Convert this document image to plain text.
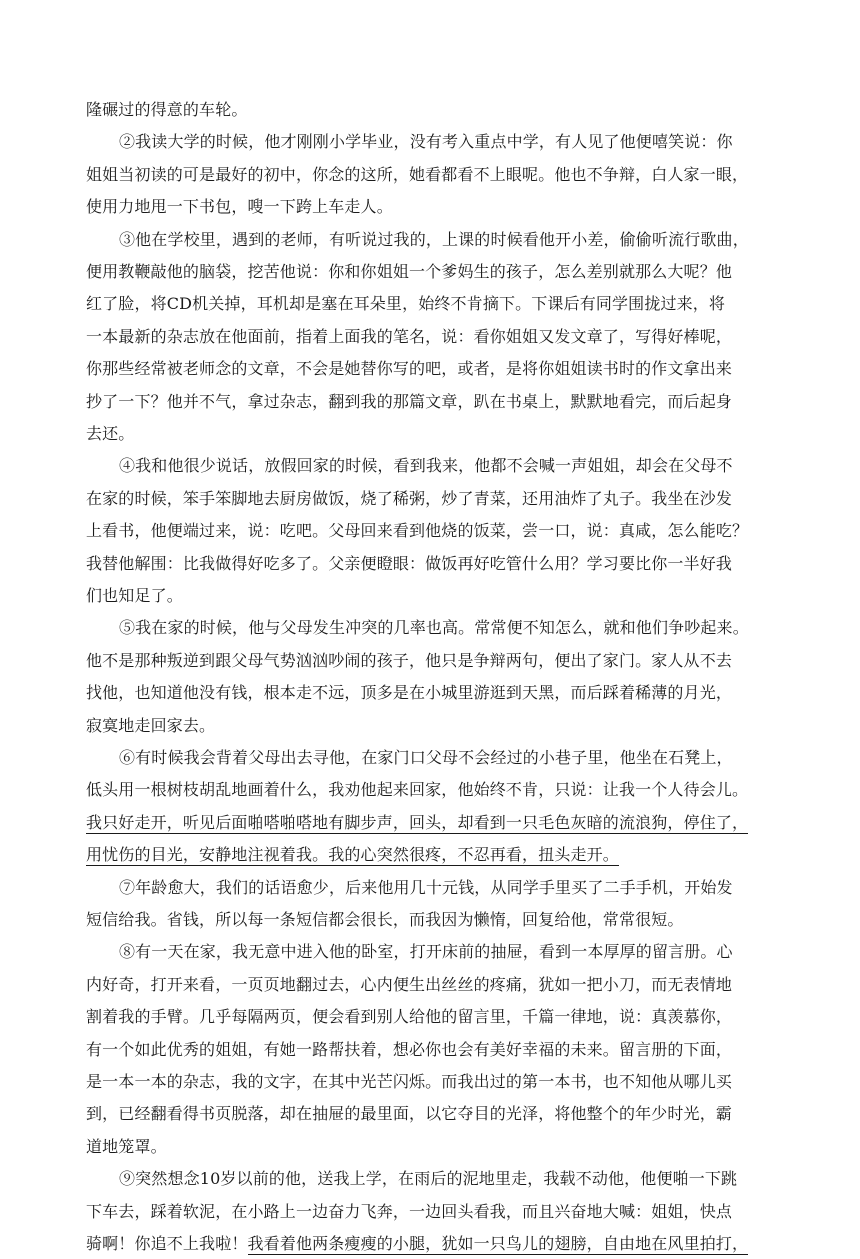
隆碾过的得意的车轮。
②我读大学的时候，他才刚刚小学毕业，没有考入重点中学，有人见了他便嘻笑说：你
姐姐当初读的可是最好的初中，你念的这所，她看都看不上眼呢。他也不争辩，白人家一眼，
使用力地甩一下书包，嗖一下跨上车走人。
③他在学校里，遇到的老师，有听说过我的，上课的时候看他开小差，偷偷听流行歌曲，
便用教鞭敲他的脑袋，挖苦他说：你和你姐姐一个爹妈生的孩子，怎么差别就那么大呢？他
红了脸，将CD机关掉，耳机却是塞在耳朵里，始终不肯摘下。下课后有同学围拢过来，将
一本最新的杂志放在他面前，指着上面我的笔名，说：看你姐姐又发文章了，写得好棒呢，
你那些经常被老师念的文章，不会是她替你写的吧，或者，是将你姐姐读书时的作文拿出来
抄了一下？他并不气，拿过杂志，翻到我的那篇文章，趴在书桌上，默默地看完，而后起身
去还。
④我和他很少说话，放假回家的时候，看到我来，他都不会喊一声姐姐，却会在父母不
在家的时候，笨手笨脚地去厨房做饭，烧了稀粥，炒了青菜，还用油炸了丸子。我坐在沙发
上看书，他便端过来，说：吃吧。父母回来看到他烧的饭菜，尝一口，说：真咸，怎么能吃？
我替他解围：比我做得好吃多了。父亲便瞪眼：做饭再好吃管什么用？学习要比你一半好我
们也知足了。
⑤我在家的时候，他与父母发生冲突的几率也高。常常便不知怎么，就和他们争吵起来。
他不是那种叛逆到跟父母气势汹汹吵闹的孩子，他只是争辩两句，便出了家门。家人从不去
找他，也知道他没有钱，根本走不远，顶多是在小城里游逛到天黑，而后踩着稀薄的月光，
寂寞地走回家去。
⑥有时候我会背着父母出去寻他，在家门口父母不会经过的小巷子里，他坐在石凳上，
低头用一根树枝胡乱地画着什么，我劝他起来回家，他始终不肯，只说：让我一个人待会儿。
我只好走开，听见后面啪嗒啪嗒地有脚步声，回头，却看到一只毛色灰暗的流浪狗，停住了，
用忧伤的目光，安静地注视着我。我的心突然很疼，不忍再看，扭头走开。
⑦年龄愈大，我们的话语愈少，后来他用几十元钱，从同学手里买了二手手机，开始发
短信给我。省钱，所以每一条短信都会很长，而我因为懒惰，回复给他，常常很短。
⑧有一天在家，我无意中进入他的卧室，打开床前的抽屉，看到一本厚厚的留言册。心
内好奇，打开来看，一页页地翻过去，心内便生出丝丝的疼痛，犹如一把小刀，而无表情地
割着我的手臂。几乎每隔两页，便会看到别人给他的留言里，千篇一律地，说：真羡慕你，
有一个如此优秀的姐姐，有她一路帮扶着，想必你也会有美好幸福的未来。留言册的下面，
是一本一本的杂志，我的文字，在其中光芒闪烁。而我出过的第一本书，也不知他从哪儿买
到，已经翻看得书页脱落，却在抽屉的最里面，以它夺目的光泽，将他整个的年少时光，霸
道地笼罩。
⑨突然想念10岁以前的他，送我上学，在雨后的泥地里走，我载不动他，他便啪一下跳
下车去，踩着软泥，在小路上一边奋力飞奔，一边回头看我，而且兴奋地大喊：姐姐，快点
骑啊！你追不上我啦！我看着他两条瘦瘦的小腿，犹如一只鸟儿的翅膀，自由地在风里拍打，
